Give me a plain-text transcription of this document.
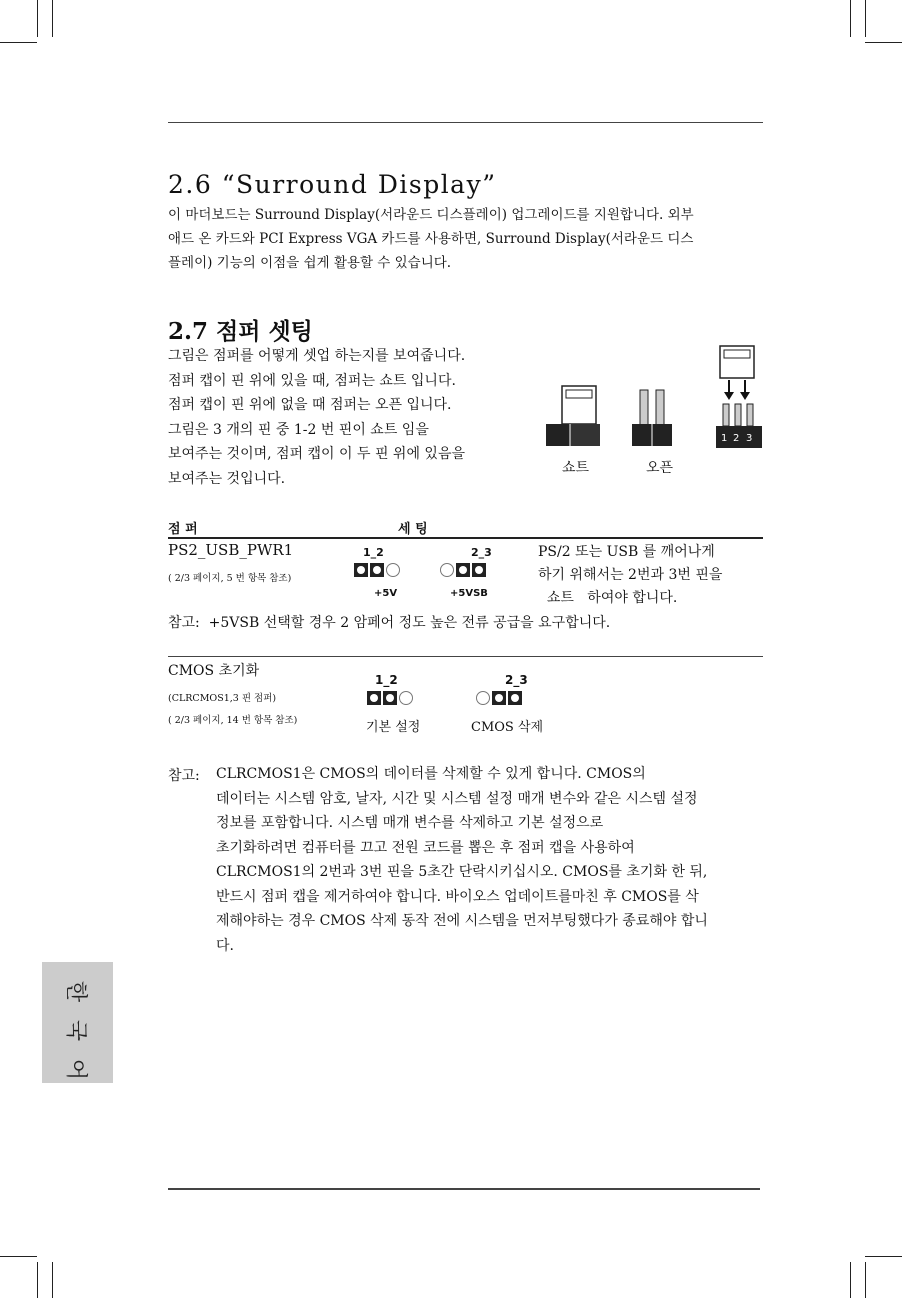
2.6 “Surround Display”

이 마더보드는 Surround Display(서라운드 디스플레이) 업그레이드를 지원합니다. 외부

애드 온 카드와 PCI Express VGA 카드를 사용하면, Surround Display(서라운드 디스

플레이) 기능의 이점을 쉽게 활용할 수 있습니다.

2.7 점퍼 셋팅

그림은 점퍼를 어떻게 셋업 하는지를 보여줍니다.

점퍼 캡이 핀 위에 있을 때, 점퍼는 쇼트 입니다.

점퍼 캡이 핀 위에 없을 때 점퍼는 오픈 입니다.

그림은 3 개의 핀 중 1-2 번 핀이 쇼트 임을

보여주는 것이며, 점퍼 캡이 이 두 핀 위에 있음을

보여주는 것입니다.

1 2 3
쇼트	오픈
점 퍼	세 팅
PS2_USB_PWR1
( 2/3 페이지, 5 번 항목 참조)
1_2
+5V
2_3
+5VSB
PS/2 또는 USB 를 깨어나게
하기 위해서는 2번과 3번 핀을
쇼트   하여야 합니다.
참고:  +5VSB 선택할 경우 2 암페어 정도 높은 전류 공급을 요구합니다.
CMOS 초기화
(CLRCMOS1,3 핀 점퍼)
( 2/3 페이지, 14 번 항목 참조)
1_2
기본 설정
2_3
CMOS 삭제
참고: CLRCMOS1은 CMOS의 데이터를 삭제할 수 있게 합니다. CMOS의
데이터는 시스템 암호, 날자, 시간 및 시스템 설정 매개 변수와 같은 시스템 설정
정보를 포함합니다. 시스템 매개 변수를 삭제하고 기본 설정으로
초기화하려면 컴퓨터를 끄고 전원 코드를 뽑은 후 점퍼 캡을 사용하여
CLRCMOS1의 2번과 3번 핀을 5초간 단락시키십시오. CMOS를 초기화 한 뒤,
반드시 점퍼 캡을 제거하여야 합니다. 바이오스 업데이트를마친 후 CMOS를 삭
제해야하는 경우 CMOS 삭제 동작 전에 시스템을 먼저부팅했다가 종료해야 합니
다.
한
국
어
